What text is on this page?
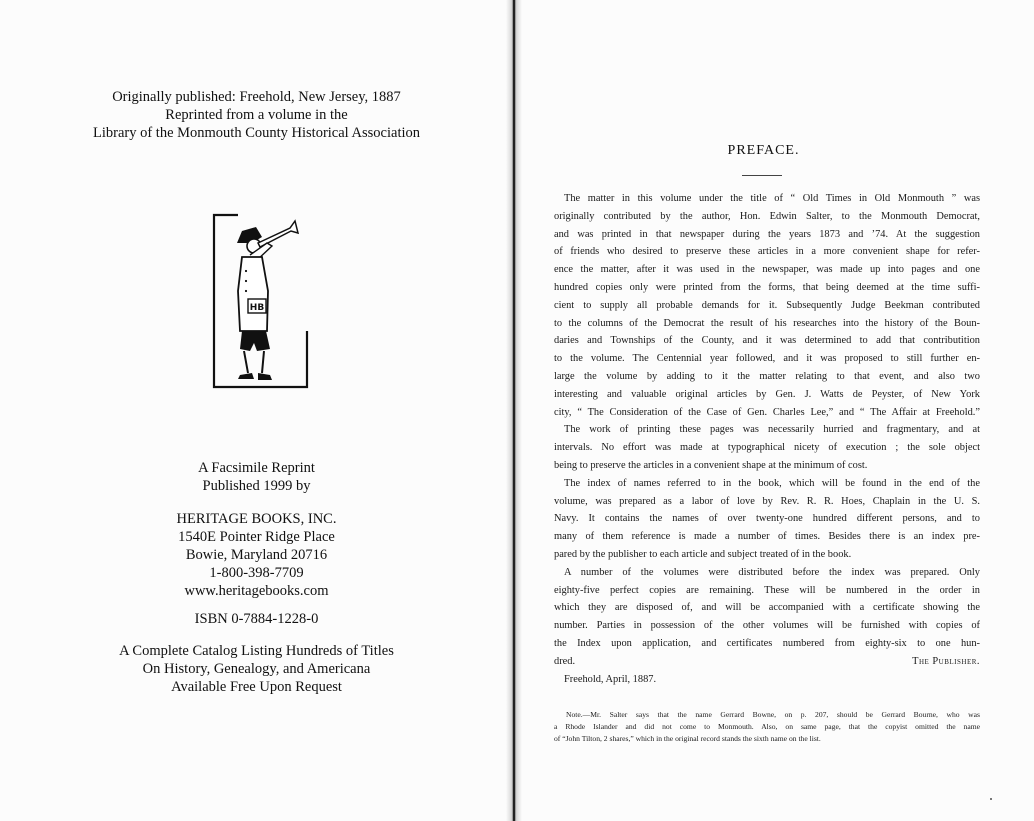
Originally published: Freehold, New Jersey, 1887
Reprinted from a volume in the
Library of the Monmouth County Historical Association
HB
A Facsimile Reprint
Published 1999 by
HERITAGE BOOKS, INC.
1540E Pointer Ridge Place
Bowie, Maryland 20716
1-800-398-7709
www.heritagebooks.com
ISBN 0-7884-1228-0
A Complete Catalog Listing Hundreds of Titles
On History, Genealogy, and Americana
Available Free Upon Request
PREFACE.
The matter in this volume under the title of “ Old Times in Old Monmouth ” was
originally contributed by the author, Hon. Edwin Salter, to the Monmouth Democrat,
and was printed in that newspaper during the years 1873 and ’74. At the suggestion
of friends who desired to preserve these articles in a more convenient shape for refer-
ence the matter, after it was used in the newspaper, was made up into pages and one
hundred copies only were printed from the forms, that being deemed at the time suffi-
cient to supply all probable demands for it. Subsequently Judge Beekman contributed
to the columns of the Democrat the result of his researches into the history of the Boun-
daries and Townships of the County, and it was determined to add that contributition
to the volume. The Centennial year followed, and it was proposed to still further en-
large the volume by adding to it the matter relating to that event, and also two
interesting and valuable original articles by Gen. J. Watts de Peyster, of New York
city, “ The Consideration of the Case of Gen. Charles Lee,” and “ The Affair at Freehold.”
The work of printing these pages was necessarily hurried and fragmentary, and at
intervals. No effort was made at typographical nicety of execution ; the sole object
being to preserve the articles in a convenient shape at the minimum of cost.
The index of names referred to in the book, which will be found in the end of the
volume, was prepared as a labor of love by Rev. R. R. Hoes, Chaplain in the U. S.
Navy. It contains the names of over twenty-one hundred different persons, and to
many of them reference is made a number of times. Besides there is an index pre-
pared by the publisher to each article and subject treated of in the book.
A number of the volumes were distributed before the index was prepared. Only
eighty-five perfect copies are remaining. These will be numbered in the order in
which they are disposed of, and will be accompanied with a certificate showing the
number. Parties in possession of the other volumes will be furnished with copies of
the Index upon application, and certificates numbered from eighty-six to one hun-
dred.	The Publisher.
Freehold, April, 1887.
Note.—Mr. Salter says that the name Gerrard Bowne, on p. 207, should be Gerrard Bourne, who was
a Rhode Islander and did not come to Monmouth. Also, on same page, that the copyist omitted the name
of “John Tilton, 2 shares,” which in the original record stands the sixth name on the list.
